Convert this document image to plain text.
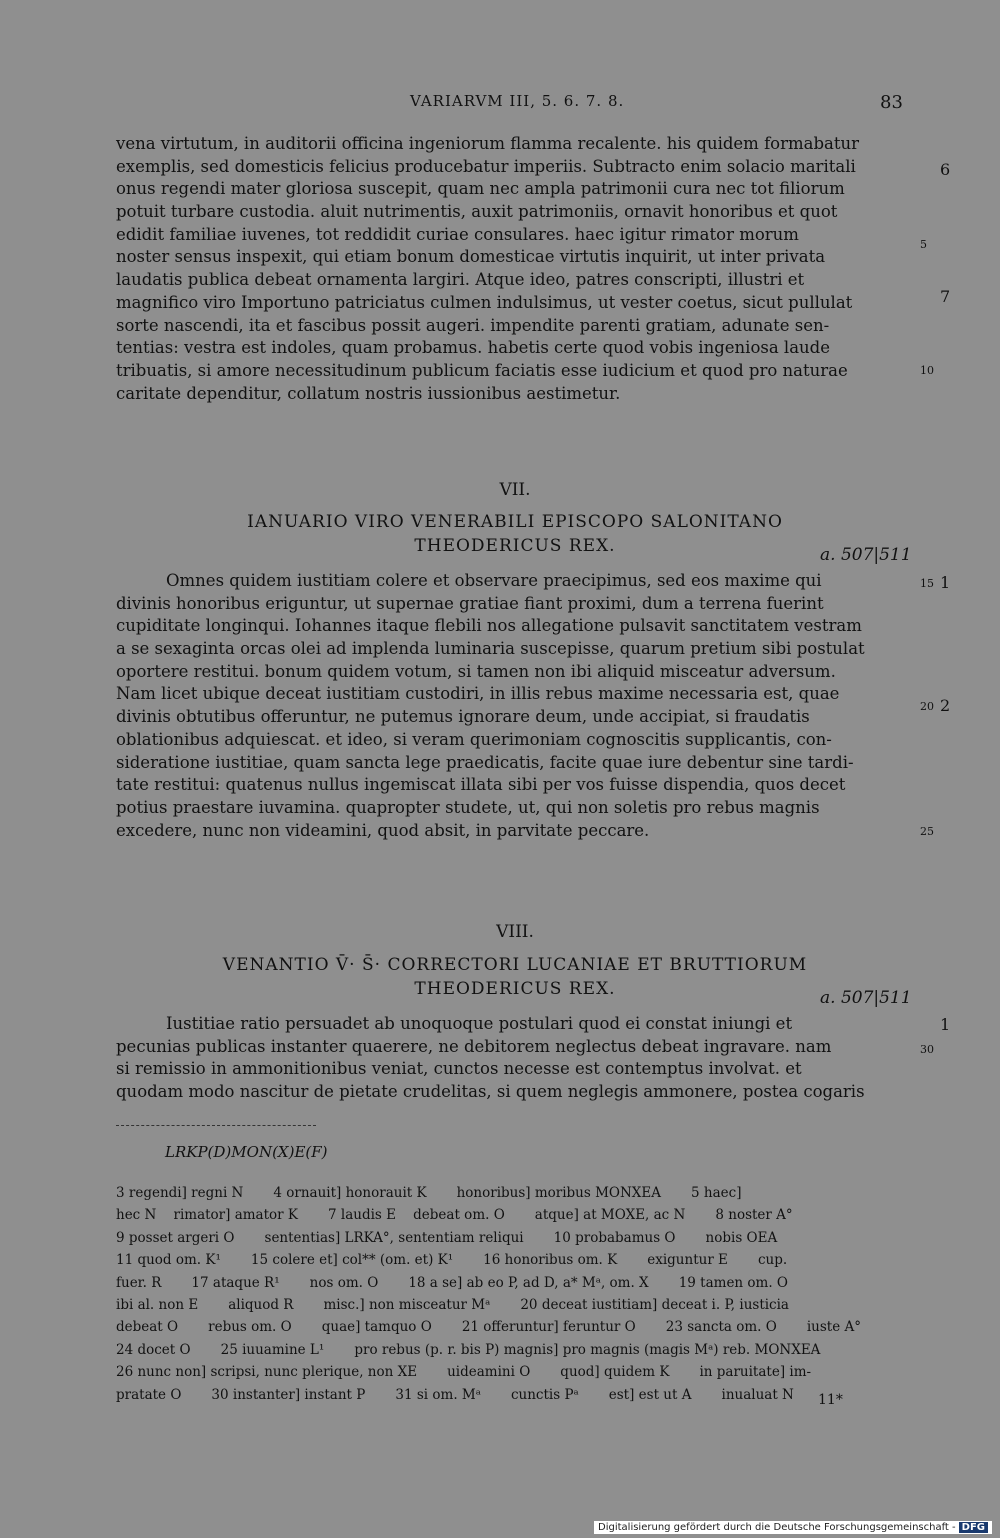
VARIARVM III, 5. 6. 7. 8.	83
vena virtutum, in auditorii officina ingeniorum flamma recalente. his quidem formabatur
exemplis, sed domesticis felicius producebatur imperiis. Subtracto enim solacio maritali
onus regendi mater gloriosa suscepit, quam nec ampla patrimonii cura nec tot filiorum
potuit turbare custodia. aluit nutrimentis, auxit patrimoniis, ornavit honoribus et quot
edidit familiae iuvenes, tot reddidit curiae consulares. haec igitur rimator morum
noster sensus inspexit, qui etiam bonum domesticae virtutis inquirit, ut inter privata
laudatis publica debeat ornamenta largiri. Atque ideo, patres conscripti, illustri et
magnifico viro Importuno patriciatus culmen indulsimus, ut vester coetus, sicut pullulat
sorte nascendi, ita et fascibus possit augeri. impendite parenti gratiam, adunate sen-
tentias: vestra est indoles, quam probamus. habetis certe quod vobis ingeniosa laude
tribuatis, si amore necessitudinum publicum faciatis esse iudicium et quod pro naturae
caritate dependitur, collatum nostris iussionibus aestimetur.
6
5
7
10
VII.
IANUARIO VIRO VENERABILI EPISCOPO SALONITANO
THEODERICUS REX.	a. 507|511
Omnes quidem iustitiam colere et observare praecipimus, sed eos maxime qui
divinis honoribus eriguntur, ut supernae gratiae fiant proximi, dum a terrena fuerint
cupiditate longinqui. Iohannes itaque flebili nos allegatione pulsavit sanctitatem vestram
a se sexaginta orcas olei ad implenda luminaria suscepisse, quarum pretium sibi postulat
oportere restitui. bonum quidem votum, si tamen non ibi aliquid misceatur adversum.
Nam licet ubique deceat iustitiam custodiri, in illis rebus maxime necessaria est, quae
divinis obtutibus offeruntur, ne putemus ignorare deum, unde accipiat, si fraudatis
oblationibus adquiescat. et ideo, si veram querimoniam cognoscitis supplicantis, con-
sideratione iustitiae, quam sancta lege praedicatis, facite quae iure debentur sine tardi-
tate restitui: quatenus nullus ingemiscat illata sibi per vos fuisse dispendia, quos decet
potius praestare iuvamina. quapropter studete, ut, qui non soletis pro rebus magnis
excedere, nunc non videamini, quod absit, in parvitate peccare.
15 1
20 2
25
VIII.
VENANTIO V̄· S̄· CORRECTORI LUCANIAE ET BRUTTIORUM
THEODERICUS REX.	a. 507|511
Iustitiae ratio persuadet ab unoquoque postulari quod ei constat iniungi et
pecunias publicas instanter quaerere, ne debitorem neglectus debeat ingravare. nam
si remissio in ammonitionibus veniat, cunctos necesse est contemptus involvat. et
quodam modo nascitur de pietate crudelitas, si quem neglegis ammonere, postea cogaris
1
30
LRKP(D)MON(X)E(F)
3 regendi] regni N       4 ornauit] honorauit K       honoribus] moribus MONXEA       5 haec]
hec N    rimator] amator K       7 laudis E    debeat om. O       atque] at MOXE, ac N       8 noster A°
9 posset argeri O       sententias] LRKA°, sententiam reliqui       10 probabamus O       nobis OEA
11 quod om. K¹       15 colere et] col** (om. et) K¹       16 honoribus om. K       exiguntur E       cup.
fuer. R       17 ataque R¹       nos om. O       18 a se] ab eo P, ad D, a* Mᵃ, om. X       19 tamen om. O
ibi al. non E       aliquod R       misc.] non misceatur Mᵃ       20 deceat iustitiam] deceat i. P, iusticia
debeat O       rebus om. O       quae] tamquo O       21 offeruntur] feruntur O       23 sancta om. O       iuste A°
24 docet O       25 iuuamine L¹       pro rebus (p. r. bis P) magnis] pro magnis (magis Mᵃ) reb. MONXEA
26 nunc non] scripsi, nunc plerique, non XE       uideamini O       quod] quidem K       in paruitate] im-
pratate O       30 instanter] instant P       31 si om. Mᵃ       cunctis Pᵃ       est] est ut A       inualuat N	11*
Digitalisierung gefördert durch die Deutsche Forschungsgemeinschaft - DFG
